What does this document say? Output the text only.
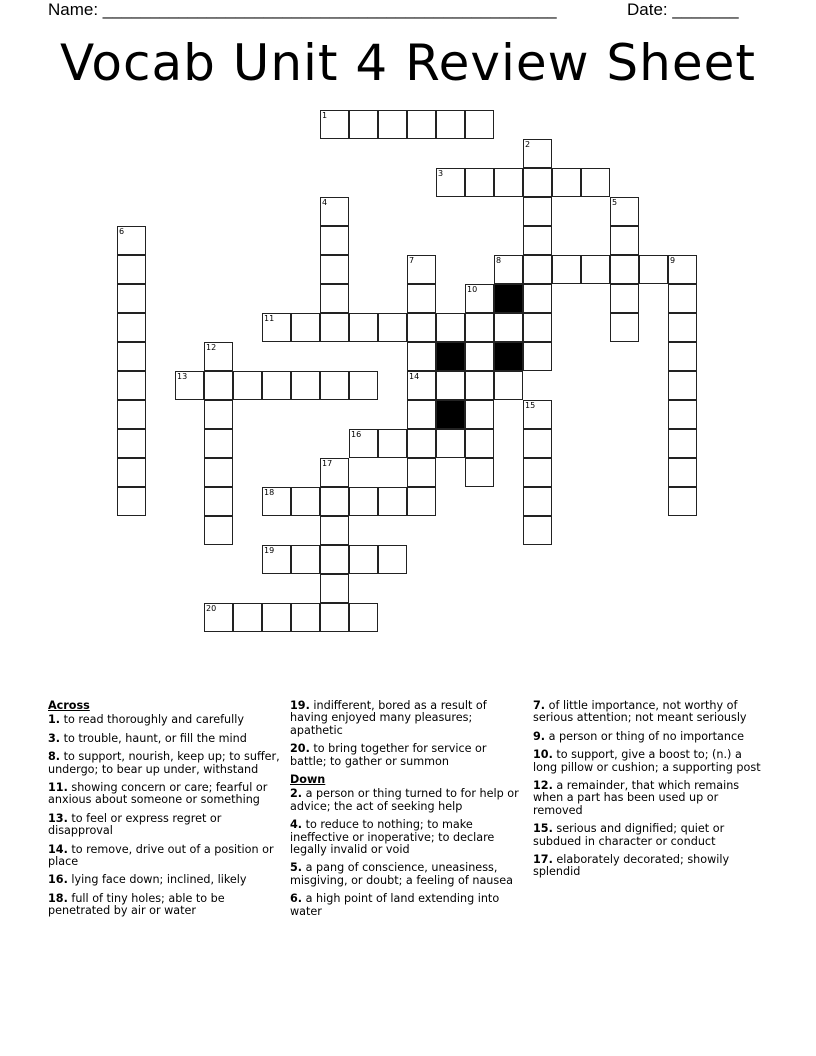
Name: ________________________________________________	Date: _______
Vocab Unit 4 Review Sheet
1
2
3
4	5
6
7
14
8	9
10
11
12
13
15
16
17
18
19
20
Across
1. to read thoroughly and carefully
3. to trouble, haunt, or fill the mind
8. to support, nourish, keep up; to suffer, undergo; to bear up under, withstand
11. showing concern or care; fearful or anxious about someone or something
13. to feel or express regret or disapproval
14. to remove, drive out of a position or place
16. lying face down; inclined, likely
18. full of tiny holes; able to be penetrated by air or water
19. indifferent, bored as a result of having enjoyed many pleasures; apathetic
20. to bring together for service or battle; to gather or summon
Down
2. a person or thing turned to for help or advice; the act of seeking help
4. to reduce to nothing; to make ineffective or inoperative; to declare legally invalid or void
5. a pang of conscience, uneasiness, misgiving, or doubt; a feeling of nausea
6. a high point of land extending into water
7. of little importance, not worthy of serious attention; not meant seriously
9. a person or thing of no importance
10. to support, give a boost to; (n.) a long pillow or cushion; a supporting post
12. a remainder, that which remains when a part has been used up or removed
15. serious and dignified; quiet or subdued in character or conduct
17. elaborately decorated; showily splendid
